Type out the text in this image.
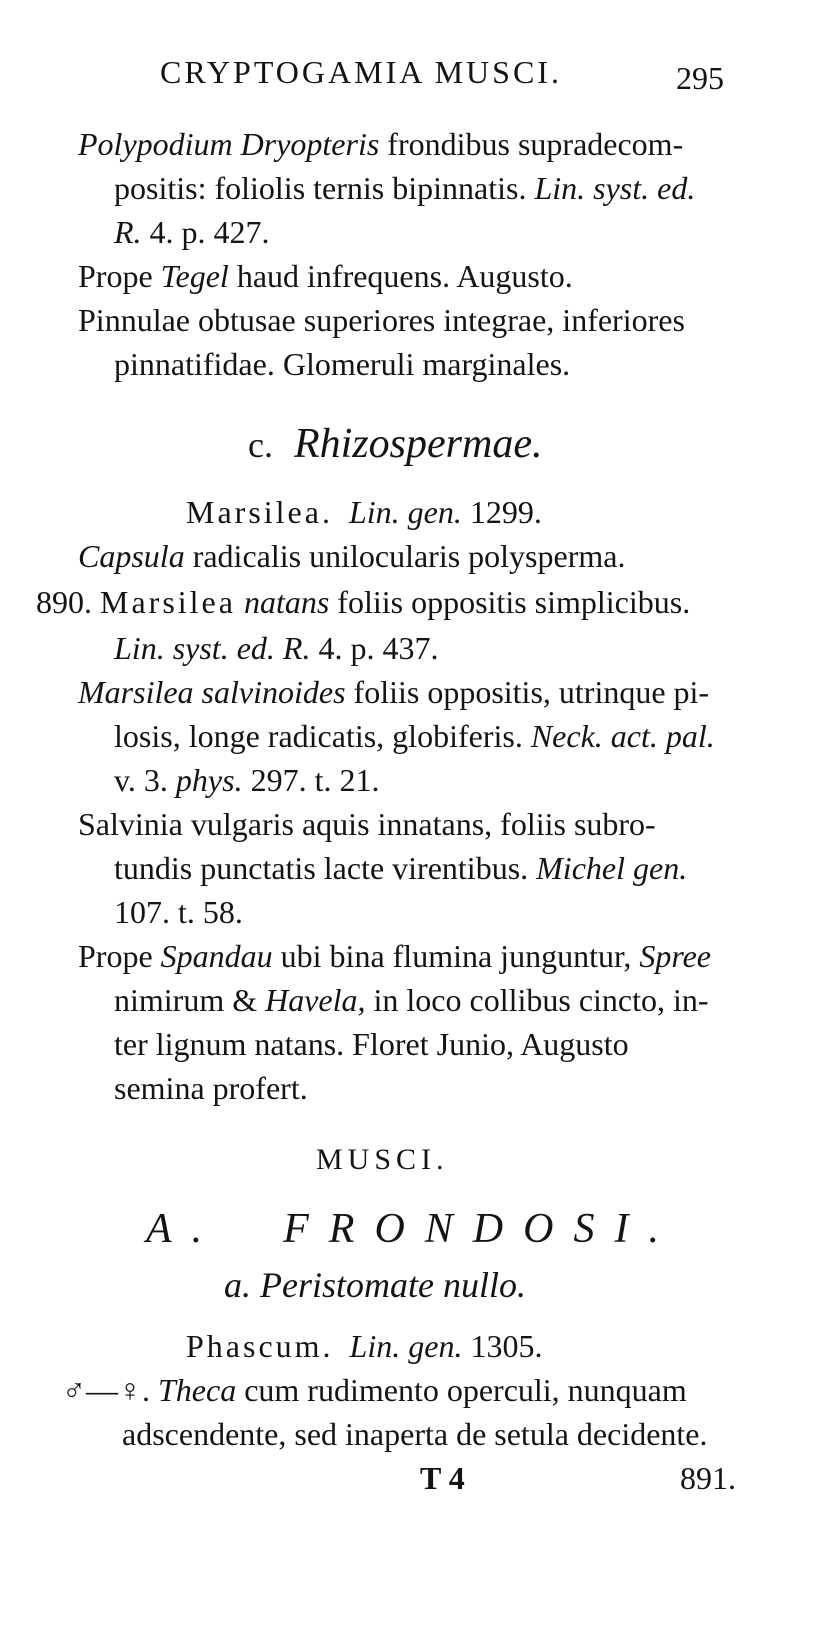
CRYPTOGAMIA MUSCI.	295
Polypodium Dryopteris frondibus supradecom-
positis: foliolis ternis bipinnatis. Lin. syst. ed.
R. 4. p. 427.
Prope Tegel haud infrequens. Augusto.
Pinnulae obtusae superiores integrae, inferiores
pinnatifidae. Glomeruli marginales.
c. Rhizospermae.
Marsilea. Lin. gen. 1299.
Capsula radicalis unilocularis polysperma.
890. Marsilea natans foliis oppositis simplicibus.
Lin. syst. ed. R. 4. p. 437.
Marsilea salvinoides foliis oppositis, utrinque pi-
losis, longe radicatis, globiferis. Neck. act. pal.
v. 3. phys. 297. t. 21.
Salvinia vulgaris aquis innatans, foliis subro-
tundis punctatis lacte virentibus. Michel gen.
107. t. 58.
Prope Spandau ubi bina flumina junguntur, Spree
nimirum & Havela, in loco collibus cincto, in-
ter lignum natans. Floret Junio, Augusto
semina profert.
MUSCI.
A. FRONDOSI.
a. Peristomate nullo.
Phascum. Lin. gen. 1305.
♂—♀. Theca cum rudimento operculi, nunquam
adscendente, sed inaperta de setula decidente.
T 4	891.
